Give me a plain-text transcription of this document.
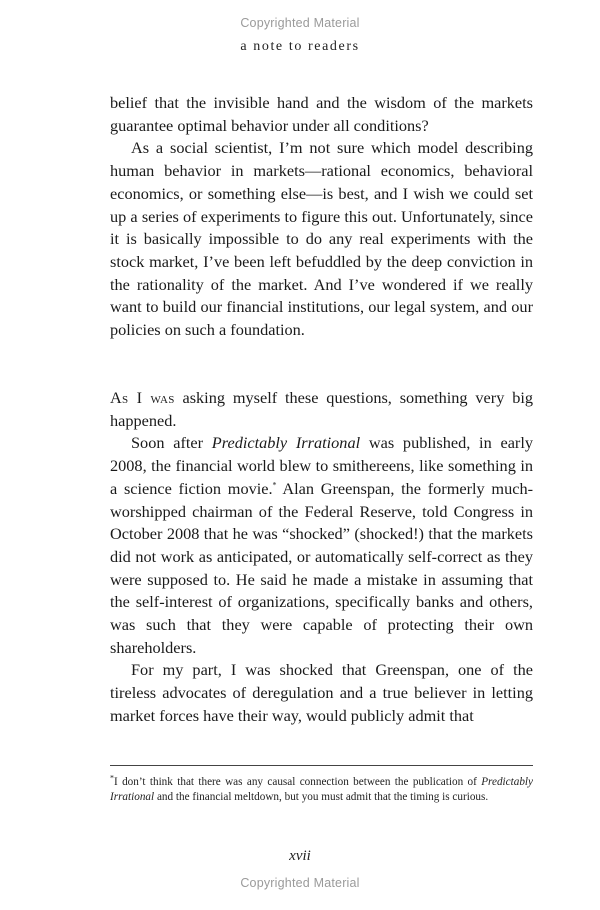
Copyrighted Material
a note to readers

belief that the invisible hand and the wisdom of the markets guarantee optimal behavior under all conditions?

As a social scientist, I’m not sure which model describing human behavior in markets—rational economics, behavioral economics, or something else—is best, and I wish we could set up a series of experiments to figure this out. Unfortunately, since it is basically impossible to do any real experiments with the stock market, I’ve been left befuddled by the deep conviction in the rationality of the market. And I’ve wondered if we really want to build our financial institutions, our legal system, and our policies on such a foundation.

As I was asking myself these questions, something very big happened.

Soon after Predictably Irrational was published, in early 2008, the financial world blew to smithereens, like something in a science fiction movie.* Alan Greenspan, the formerly much-worshipped chairman of the Federal Reserve, told Congress in October 2008 that he was “shocked” (shocked!) that the markets did not work as anticipated, or automatically self-correct as they were supposed to. He said he made a mistake in assuming that the self-interest of organizations, specifically banks and others, was such that they were capable of protecting their own shareholders.

For my part, I was shocked that Greenspan, one of the tireless advocates of deregulation and a true believer in letting market forces have their way, would publicly admit that

*I don’t think that there was any causal connection between the publication of Predictably Irrational and the financial meltdown, but you must admit that the timing is curious.
xvii
Copyrighted Material
